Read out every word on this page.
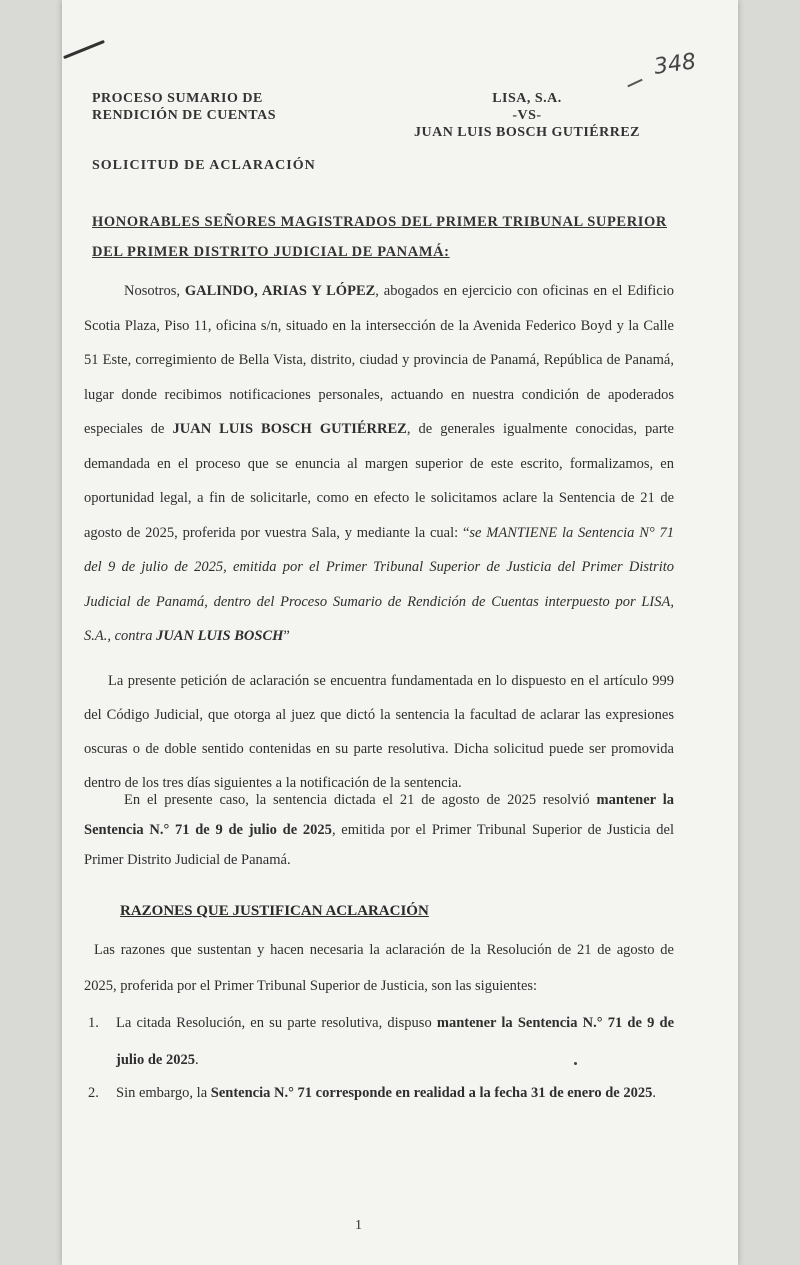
348
PROCESO SUMARIO DE
RENDICIÓN DE CUENTAS
LISA, S.A.
-VS-
JUAN LUIS BOSCH GUTIÉRREZ
SOLICITUD DE ACLARACIÓN
HONORABLES SEÑORES MAGISTRADOS DEL PRIMER TRIBUNAL SUPERIOR DEL PRIMER DISTRITO JUDICIAL DE PANAMÁ:
Nosotros, GALINDO, ARIAS Y LÓPEZ, abogados en ejercicio con oficinas en el Edificio Scotia Plaza, Piso 11, oficina s/n, situado en la intersección de la Avenida Federico Boyd y la Calle 51 Este, corregimiento de Bella Vista, distrito, ciudad y provincia de Panamá, República de Panamá, lugar donde recibimos notificaciones personales, actuando en nuestra condición de apoderados especiales de JUAN LUIS BOSCH GUTIÉRREZ, de generales igualmente conocidas, parte demandada en el proceso que se enuncia al margen superior de este escrito, formalizamos, en oportunidad legal, a fin de solicitarle, como en efecto le solicitamos aclare la Sentencia de 21 de agosto de 2025, proferida por vuestra Sala, y mediante la cual: “se MANTIENE la Sentencia N° 71 del 9 de julio de 2025, emitida por el Primer Tribunal Superior de Justicia del Primer Distrito Judicial de Panamá, dentro del Proceso Sumario de Rendición de Cuentas interpuesto por LISA, S.A., contra JUAN LUIS BOSCH”
La presente petición de aclaración se encuentra fundamentada en lo dispuesto en el artículo 999 del Código Judicial, que otorga al juez que dictó la sentencia la facultad de aclarar las expresiones oscuras o de doble sentido contenidas en su parte resolutiva. Dicha solicitud puede ser promovida dentro de los tres días siguientes a la notificación de la sentencia.
En el presente caso, la sentencia dictada el 21 de agosto de 2025 resolvió mantener la Sentencia N.° 71 de 9 de julio de 2025, emitida por el Primer Tribunal Superior de Justicia del Primer Distrito Judicial de Panamá.
RAZONES QUE JUSTIFICAN ACLARACIÓN
Las razones que sustentan y hacen necesaria la aclaración de la Resolución de 21 de agosto de 2025, proferida por el Primer Tribunal Superior de Justicia, son las siguientes:
1. La citada Resolución, en su parte resolutiva, dispuso mantener la Sentencia N.° 71 de 9 de julio de 2025.
2. Sin embargo, la Sentencia N.° 71 corresponde en realidad a la fecha 31 de enero de 2025.
1
